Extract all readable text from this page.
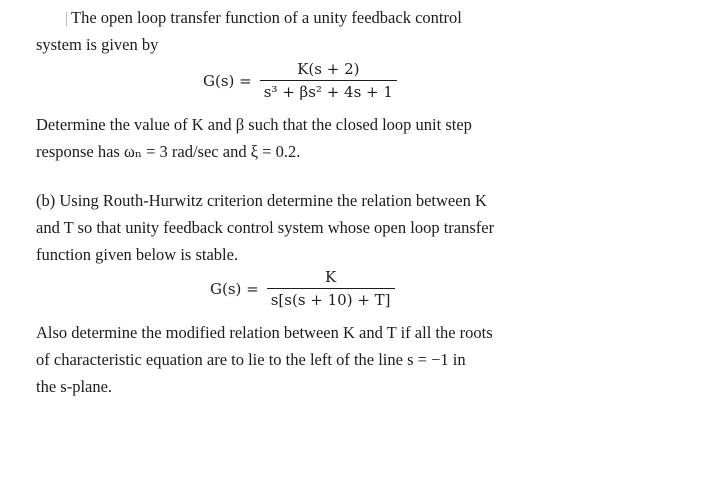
The open loop transfer function of a unity feedback control
system is given by
$G(s) = \frac{K(s + 2)}{\text{s³ + βs² + 4s + 1}}$
Determine the value of K and β such that the closed loop unit step
response has ωₙ = 3 rad/sec and ξ = 0.2.
(b) Using Routh-Hurwitz criterion determine the relation between K
and T so that unity feedback control system whose open loop transfer
function given below is stable.
$G(s) = \frac{K}{s[s(s + 10) + T]}$
Also determine the modified relation between K and T if all the roots
of characteristic equation are to lie to the left of the line s = −1 in
the s-plane.
